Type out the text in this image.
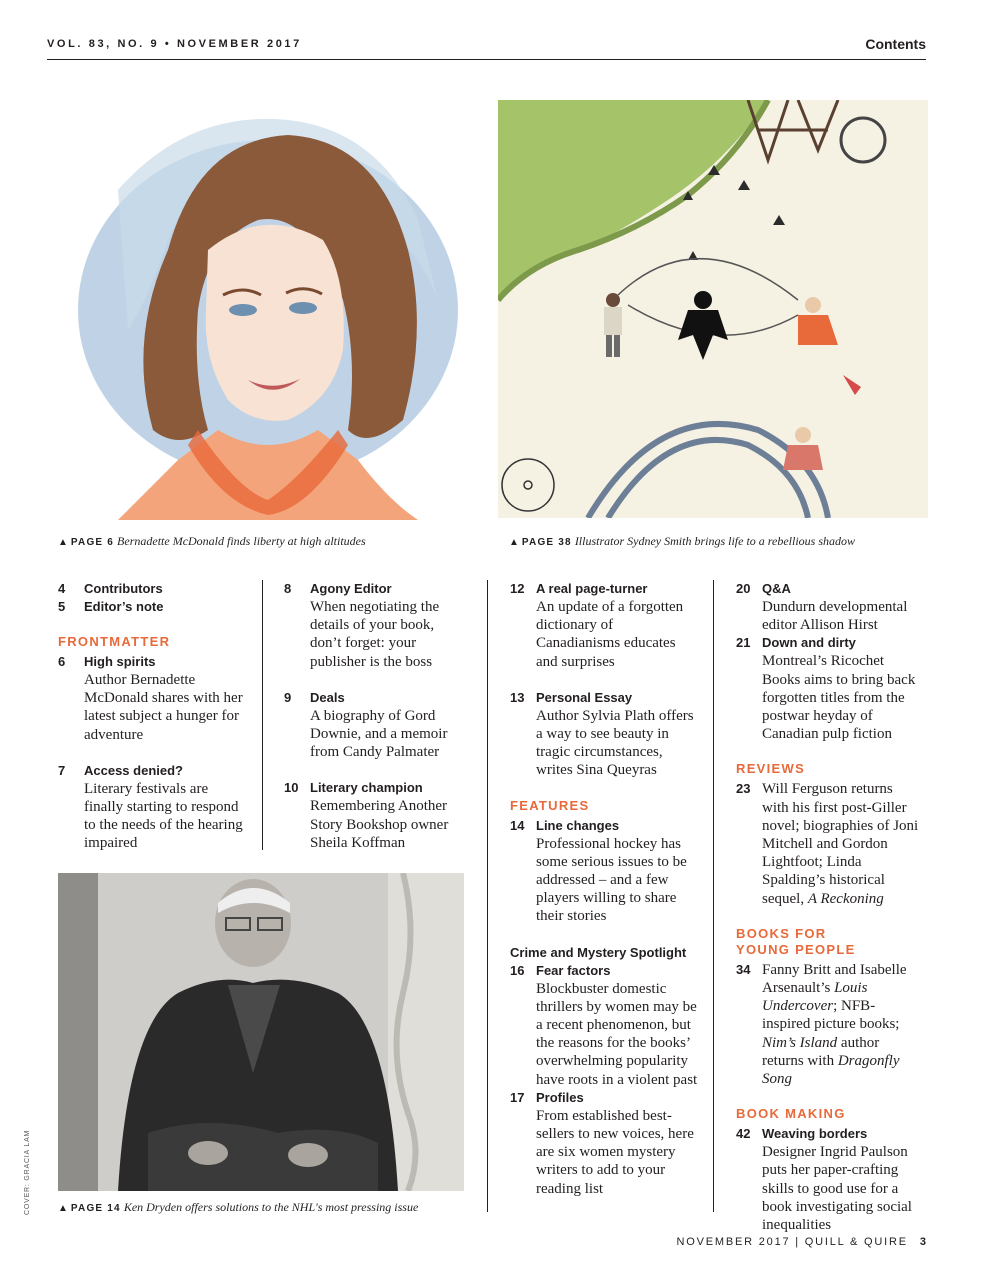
VOL. 83, NO. 9 • NOVEMBER 2017	Contents
▲ PAGE 6 Bernadette McDonald finds liberty at high altitudes	▲ PAGE 38 Illustrator Sydney Smith brings life to a rebellious shadow
4	Contributors
5	Editor’s note
FRONTMATTER
6	High spirits
Author Bernadette McDonald shares with her latest subject a hunger for adventure
7	Access denied?
Literary festivals are finally starting to respond to the needs of the hearing impaired
8	Agony Editor
When negotiating the details of your book, don’t forget: your publisher is the boss
9	Deals
A biography of Gord Downie, and a memoir from Candy Palmater
10 Literary champion
Remembering Another Story Bookshop owner Sheila Koffman
▲ PAGE 14 Ken Dryden offers solutions to the NHL's most pressing issue
COVER: GRACIA LAM
12 A real page-turner
An update of a forgotten dictionary of Canadianisms educates and surprises
13 Personal Essay
Author Sylvia Plath offers a way to see beauty in tragic circumstances, writes Sina Queyras
FEATURES
14 Line changes
Professional hockey has some serious issues to be addressed – and a few players willing to share their stories
Crime and Mystery Spotlight
16 Fear factors
Blockbuster domestic thrillers by women may be a recent phenomenon, but the reasons for the books’ overwhelming popularity have roots in a violent past
17 Profiles
From established best-sellers to new voices, here are six women mystery writers to add to your reading list
20 Q&A
Dundurn developmental editor Allison Hirst
21 Down and dirty
Montreal’s Ricochet Books aims to bring back forgotten titles from the postwar heyday of Canadian pulp fiction
REVIEWS
23 Will Ferguson returns with his first post-Giller novel; biographies of Joni Mitchell and Gordon Lightfoot; Linda Spalding’s historical sequel, A Reckoning
BOOKS FOR
YOUNG PEOPLE
34 Fanny Britt and Isabelle Arsenault’s Louis Undercover; NFB-inspired picture books; Nim’s Island author returns with Dragonfly Song
BOOK MAKING
42 Weaving borders
Designer Ingrid Paulson puts her paper-crafting skills to good use for a book investigating social inequalities
NOVEMBER 2017 | QUILL & QUIRE 3
